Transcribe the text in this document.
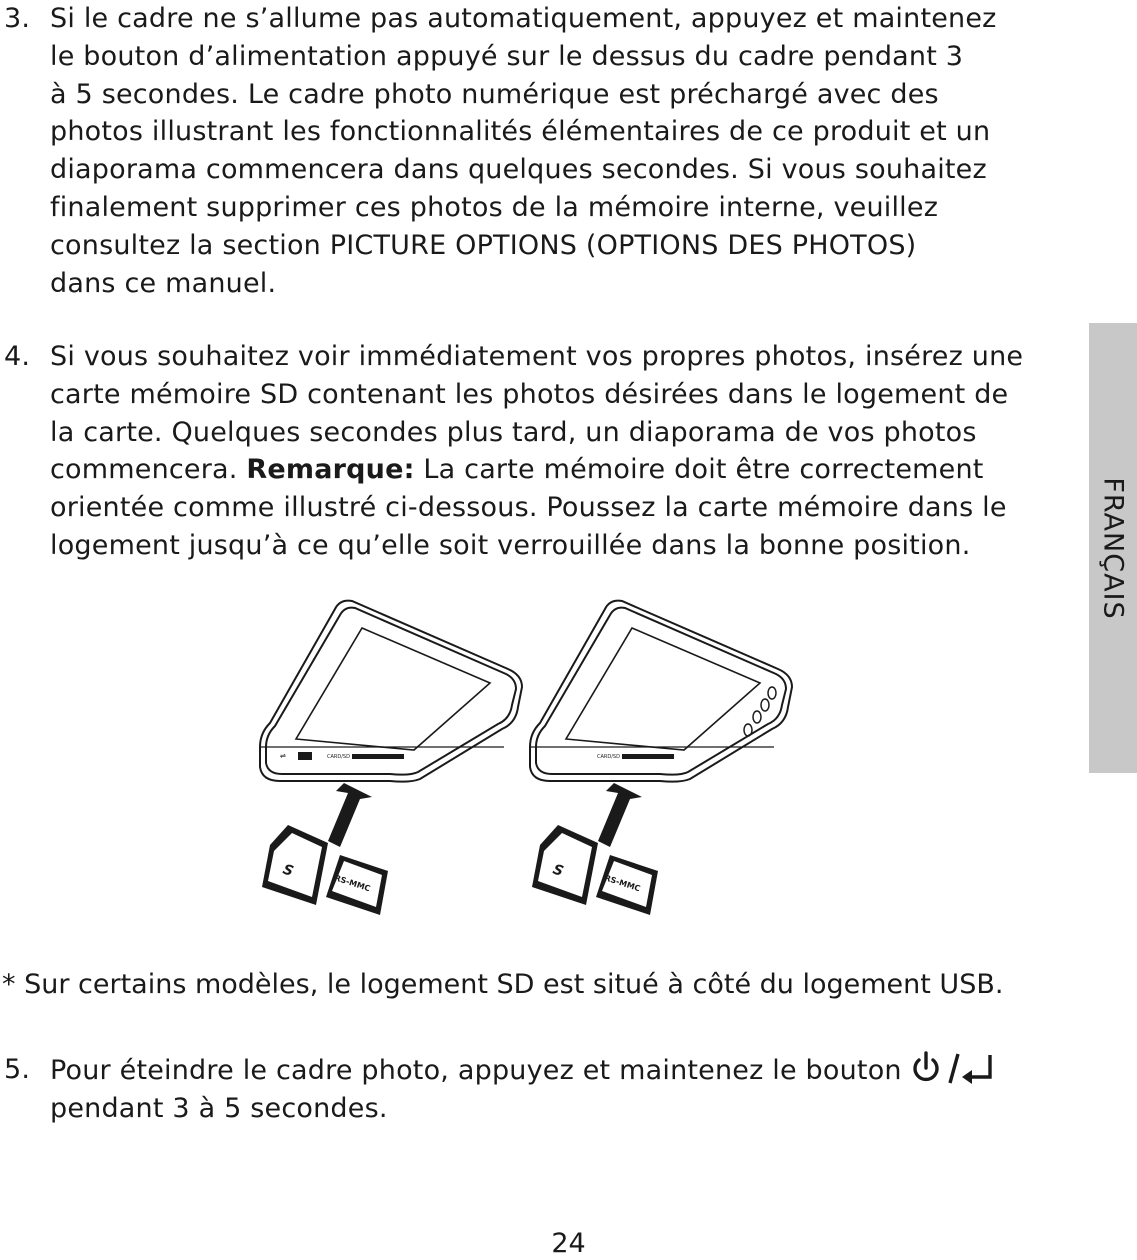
3. Si le cadre ne s’allume pas automatiquement, appuyez et maintenez
le bouton d’alimentation appuyé sur le dessus du cadre pendant 3
à 5 secondes. Le cadre photo numérique est préchargé avec des
photos illustrant les fonctionnalités élémentaires de ce produit et un
diaporama commencera dans quelques secondes. Si vous souhaitez
finalement supprimer ces photos de la mémoire interne, veuillez
consultez la section PICTURE OPTIONS (OPTIONS DES PHOTOS)
dans ce manuel.
4. Si vous souhaitez voir immédiatement vos propres photos, insérez une
carte mémoire SD contenant les photos désirées dans le logement de
la carte. Quelques secondes plus tard, un diaporama de vos photos
commencera. Remarque: La carte mémoire doit être correctement
orientée comme illustré ci-dessous. Poussez la carte mémoire dans le
logement jusqu’à ce qu’elle soit verrouillée dans la bonne position.
⇌	CARD/SD
S
RS-MMC
CARD/SD
S
RS-MMC
* Sur certains modèles, le logement SD est situé à côté du logement USB.
5. Pour éteindre le cadre photo, appuyez et maintenez le bouton
pendant 3 à 5 secondes.
FRANÇAIS
24
